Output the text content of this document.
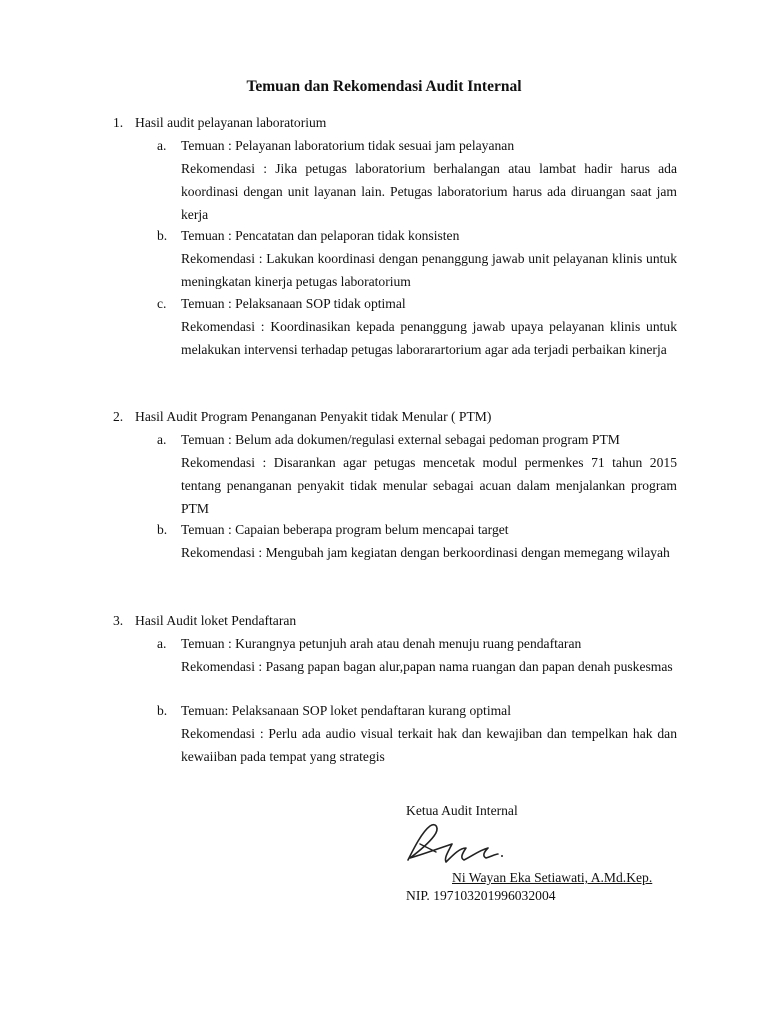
Temuan dan Rekomendasi Audit Internal
1. Hasil audit pelayanan laboratorium
a. Temuan : Pelayanan laboratorium tidak sesuai jam pelayanan
Rekomendasi : Jika petugas laboratorium berhalangan atau lambat hadir harus ada koordinasi dengan unit layanan lain. Petugas laboratorium harus ada diruangan saat jam kerja
b. Temuan : Pencatatan dan pelaporan tidak konsisten
Rekomendasi : Lakukan koordinasi dengan penanggung jawab unit pelayanan klinis untuk meningkatan kinerja petugas laboratorium
c. Temuan : Pelaksanaan SOP tidak optimal
Rekomendasi : Koordinasikan kepada penanggung jawab upaya pelayanan klinis untuk melakukan intervensi terhadap petugas laborarartorium agar ada terjadi perbaikan kinerja
2. Hasil Audit Program Penanganan Penyakit tidak Menular ( PTM)
a. Temuan : Belum ada dokumen/regulasi external sebagai pedoman program PTM
Rekomendasi : Disarankan agar petugas mencetak modul permenkes 71 tahun 2015 tentang penanganan penyakit tidak menular sebagai acuan dalam menjalankan program PTM
b. Temuan : Capaian beberapa program belum mencapai target
Rekomendasi : Mengubah jam kegiatan dengan berkoordinasi dengan memegang wilayah
3. Hasil Audit loket Pendaftaran
a. Temuan : Kurangnya petunjuh arah atau denah menuju ruang pendaftaran
Rekomendasi : Pasang papan bagan alur,papan nama ruangan dan papan denah puskesmas
b. Temuan: Pelaksanaan SOP loket pendaftaran kurang optimal
Rekomendasi : Perlu ada audio visual terkait hak dan kewajiban dan tempelkan hak dan kewaiiban pada tempat yang strategis
Ketua Audit Internal
Ni Wayan Eka Setiawati, A.Md.Kep.
NIP. 197103201996032004
